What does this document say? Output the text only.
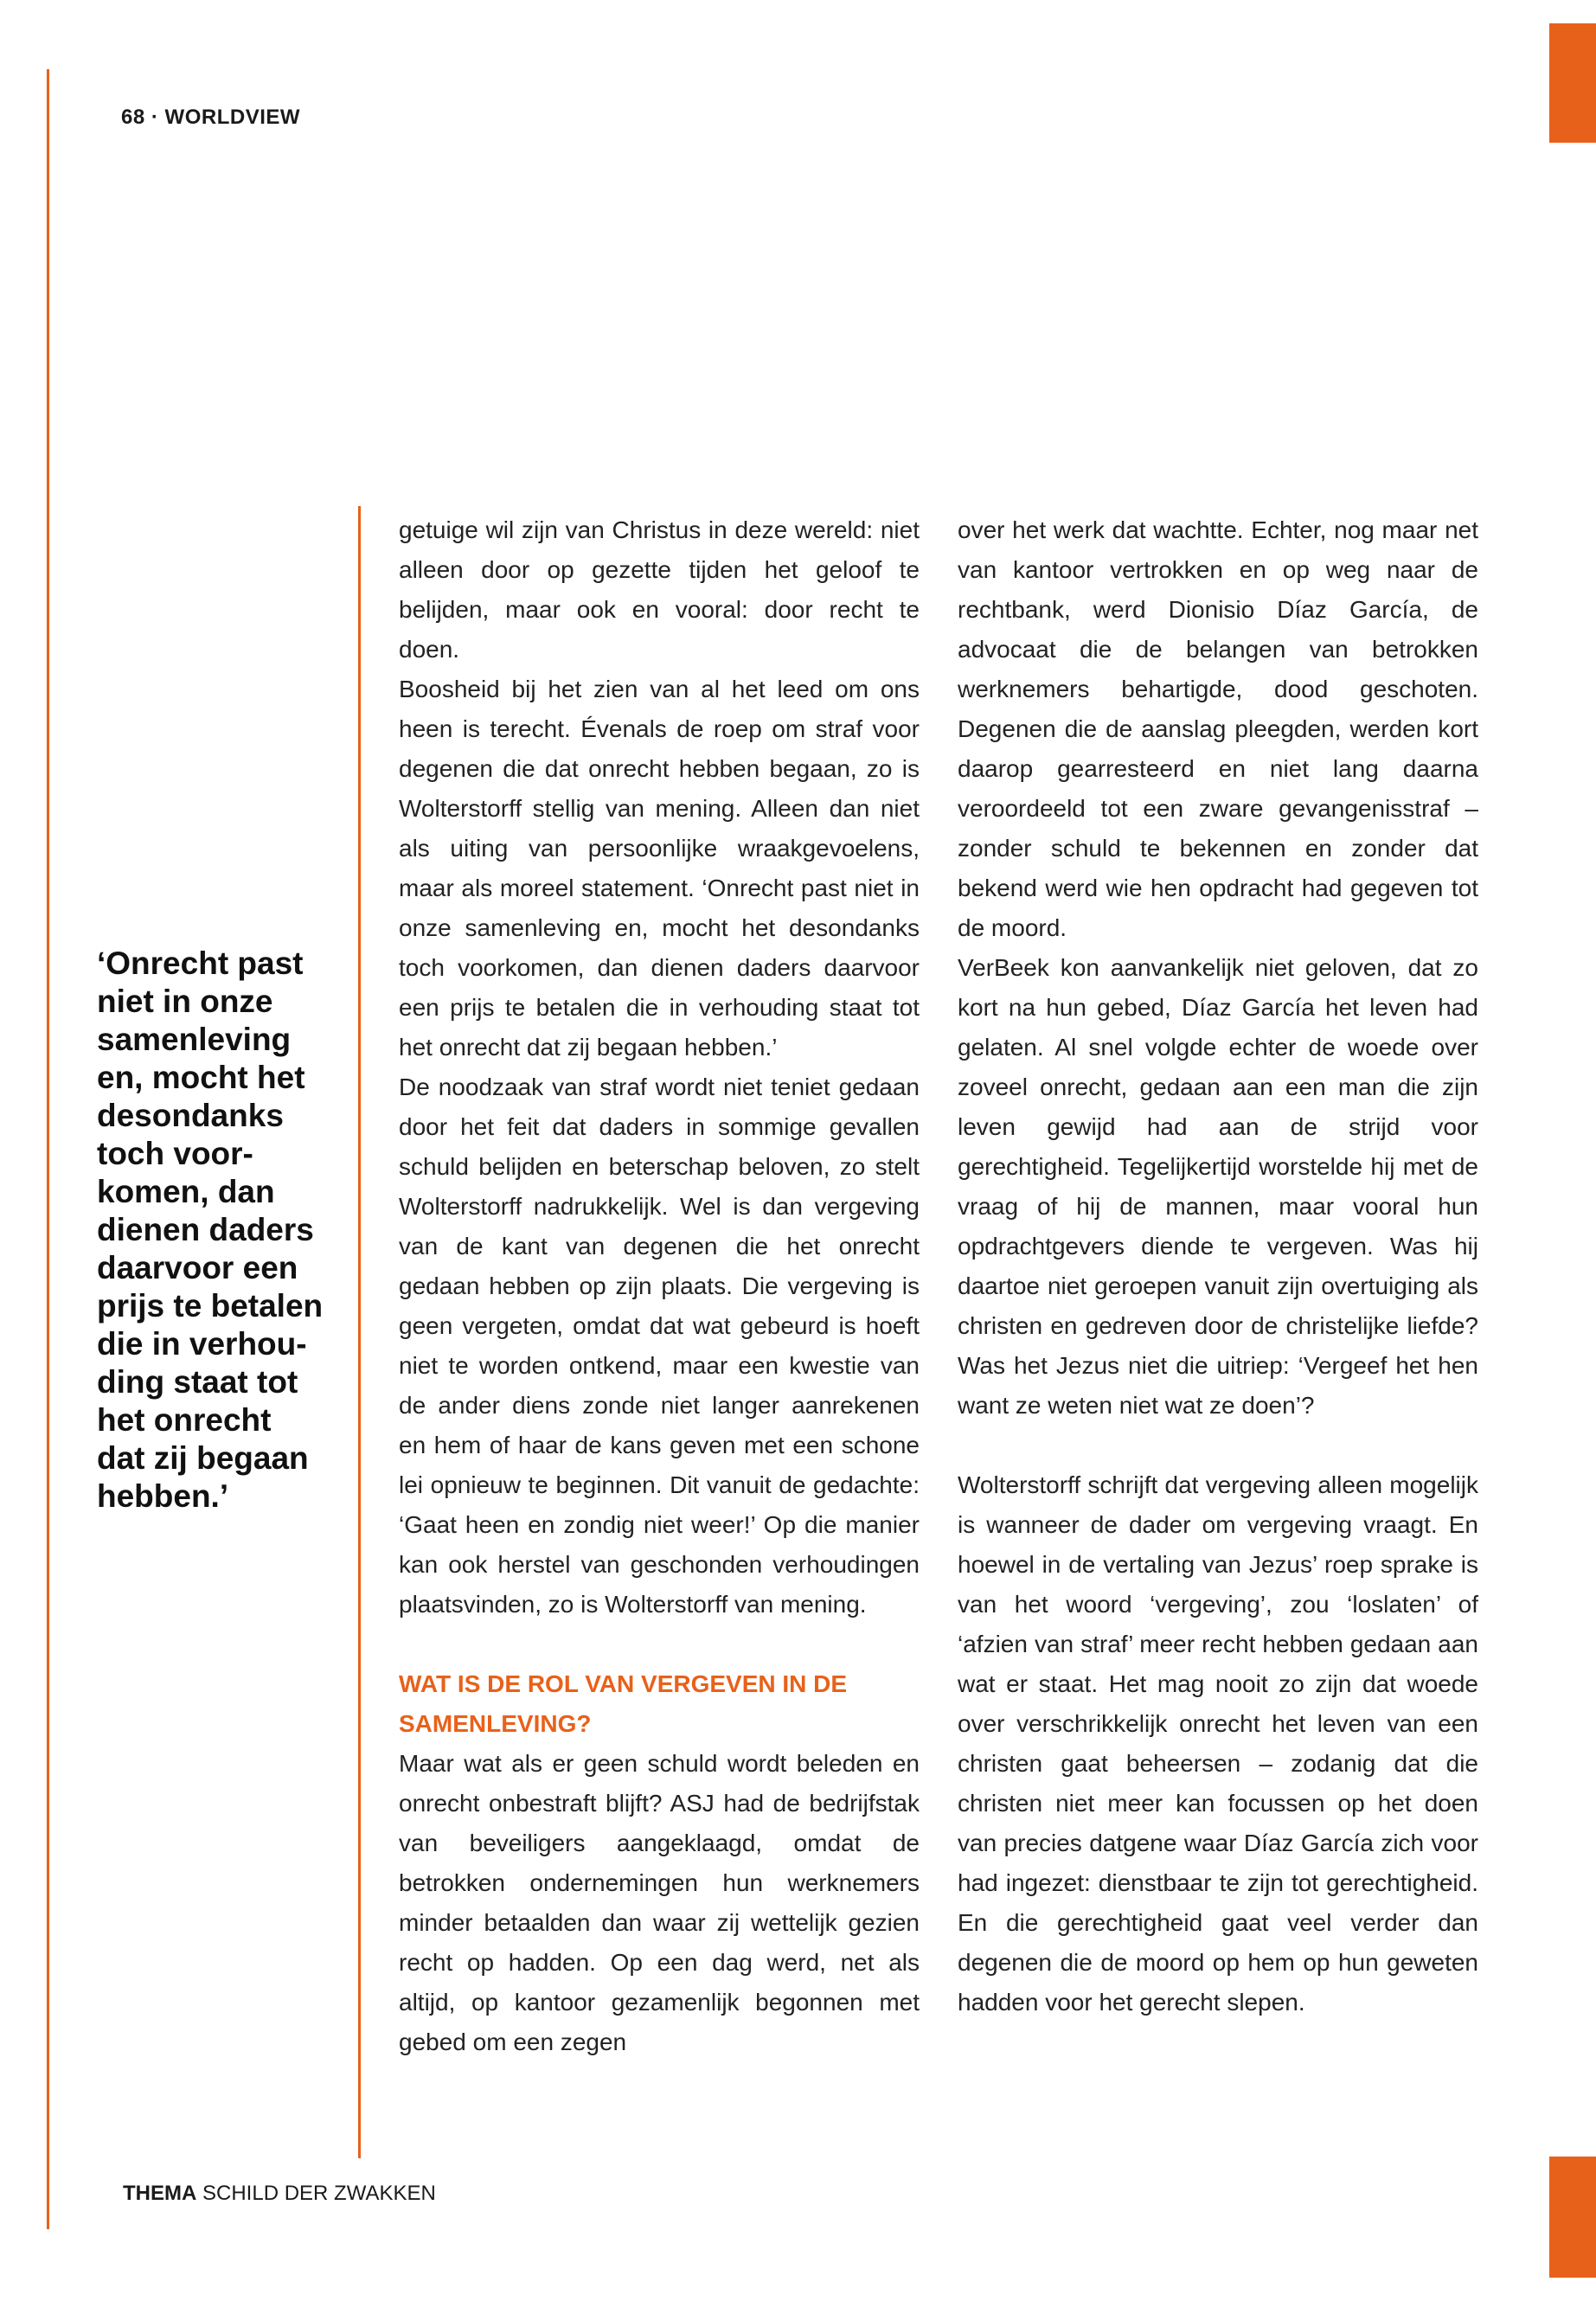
68 · WORLDVIEW
‘Onrecht past
niet in onze
samenleving
en, mocht het
desondanks
toch voor-
komen, dan
dienen daders
daarvoor een
prijs te betalen
die in verhou-
ding staat tot
het onrecht
dat zij begaan
hebben.’

getuige wil zijn van Christus in deze wereld: niet alleen door op gezette tijden het geloof te belijden, maar ook en vooral: door recht te doen.

Boosheid bij het zien van al het leed om ons heen is terecht. Évenals de roep om straf voor degenen die dat onrecht hebben begaan, zo is Wolterstorff stellig van mening. Alleen dan niet als uiting van persoonlijke wraakgevoelens, maar als moreel statement. ‘Onrecht past niet in onze samenleving en, mocht het desondanks toch voorkomen, dan dienen daders daarvoor een prijs te betalen die in verhouding staat tot het onrecht dat zij begaan hebben.’

De noodzaak van straf wordt niet teniet gedaan door het feit dat daders in sommige gevallen schuld belijden en beterschap beloven, zo stelt Wolterstorff nadrukkelijk. Wel is dan vergeving van de kant van degenen die het onrecht gedaan hebben op zijn plaats. Die vergeving is geen vergeten, omdat dat wat gebeurd is hoeft niet te worden ontkend, maar een kwestie van de ander diens zonde niet langer aanrekenen en hem of haar de kans geven met een schone lei opnieuw te beginnen. Dit vanuit de gedachte: ‘Gaat heen en zondig niet weer!’ Op die manier kan ook herstel van geschonden verhoudingen plaatsvinden, zo is Wolterstorff van mening.

WAT IS DE ROL VAN VERGEVEN IN DE SAMENLEVING?

Maar wat als er geen schuld wordt beleden en onrecht onbestraft blijft? ASJ had de bedrijfstak van beveiligers aangeklaagd, omdat de betrokken ondernemingen hun werknemers minder betaalden dan waar zij wettelijk gezien recht op hadden. Op een dag werd, net als altijd, op kantoor gezamenlijk begonnen met gebed om een zegen

over het werk dat wachtte. Echter, nog maar net van kantoor vertrokken en op weg naar de rechtbank, werd Dionisio Díaz García, de advocaat die de belangen van betrokken werknemers behartigde, dood geschoten. Degenen die de aanslag pleegden, werden kort daarop gearresteerd en niet lang daarna veroordeeld tot een zware gevangenisstraf – zonder schuld te bekennen en zonder dat bekend werd wie hen opdracht had gegeven tot de moord.

VerBeek kon aanvankelijk niet geloven, dat zo kort na hun gebed, Díaz García het leven had gelaten. Al snel volgde echter de woede over zoveel onrecht, gedaan aan een man die zijn leven gewijd had aan de strijd voor gerechtigheid. Tegelijkertijd worstelde hij met de vraag of hij de mannen, maar vooral hun opdrachtgevers diende te vergeven. Was hij daartoe niet geroepen vanuit zijn overtuiging als christen en gedreven door de christelijke liefde? Was het Jezus niet die uitriep: ‘Vergeef het hen want ze weten niet wat ze doen’?

Wolterstorff schrijft dat vergeving alleen mogelijk is wanneer de dader om vergeving vraagt. En hoewel in de vertaling van Jezus’ roep sprake is van het woord ‘vergeving’, zou ‘loslaten’ of ‘afzien van straf’ meer recht hebben gedaan aan wat er staat. Het mag nooit zo zijn dat woede over verschrikkelijk onrecht het leven van een christen gaat beheersen – zodanig dat die christen niet meer kan focussen op het doen van precies datgene waar Díaz García zich voor had ingezet: dienstbaar te zijn tot gerechtigheid. En die gerechtigheid gaat veel verder dan degenen die de moord op hem op hun geweten hadden voor het gerecht slepen.

THEMA SCHILD DER ZWAKKEN
